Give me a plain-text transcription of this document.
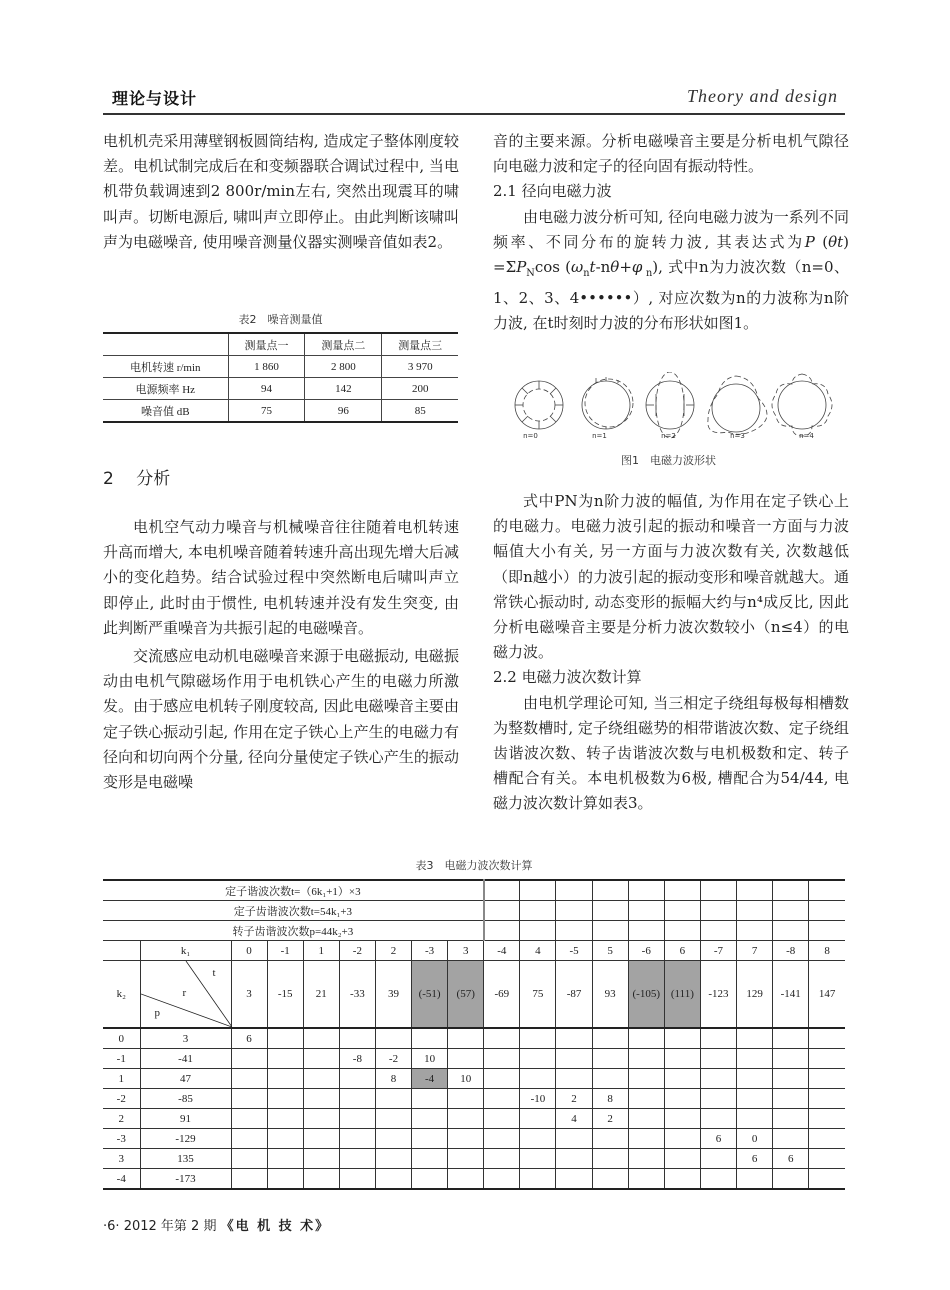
理论与设计	Theory and design

电机机壳采用薄壁钢板圆筒结构, 造成定子整体刚度较差。电机试制完成后在和变频器联合调试过程中, 当电机带负载调速到2 800r/min左右, 突然出现震耳的啸叫声。切断电源后, 啸叫声立即停止。由此判断该啸叫声为电磁噪音, 使用噪音测量仪器实测噪音值如表2。

表2　噪音测量值
	测量点一	测量点二	测量点三
电机转速 r/min	1 860	2 800	3 970
电源频率 Hz	94	142	200
噪音值 dB	75	96	85
2　 分析

电机空气动力噪音与机械噪音往往随着电机转速升高而增大, 本电机噪音随着转速升高出现先增大后减小的变化趋势。结合试验过程中突然断电后啸叫声立即停止, 此时由于惯性, 电机转速并没有发生突变, 由此判断严重噪音为共振引起的电磁噪音。

交流感应电动机电磁噪音来源于电磁振动, 电磁振动由电机气隙磁场作用于电机铁心产生的电磁力所激发。由于感应电机转子刚度较高, 因此电磁噪音主要由定子铁心振动引起, 作用在定子铁心上产生的电磁力有径向和切向两个分量, 径向分量使定子铁心产生的振动变形是电磁噪

音的主要来源。分析电磁噪音主要是分析电机气隙径向电磁力波和定子的径向固有振动特性。

2.1 径向电磁力波

由电磁力波分析可知, 径向电磁力波为一系列不同频率、不同分布的旋转力波, 其表达式为P $(\theta t) =\Sigma P_N\cos$ ($\omega_nt-n\theta+\varphi$ $_n$), 式中n为力波次数（n=0、1、2、3、4••••••）, 对应次数为n的力波称为n阶力波, 在t时刻时力波的分布形状如图1。

n=0	n=1	n=2	n=3	n=4
图1　电磁力波形状

式中PN为n阶力波的幅值, 为作用在定子铁心上的电磁力。电磁力波引起的振动和噪音一方面与力波幅值大小有关, 另一方面与力波次数有关, 次数越低（即n越小）的力波引起的振动变形和噪音就越大。通常铁心振动时, 动态变形的振幅大约与n⁴成反比, 因此分析电磁噪音主要是分析力波次数较小（n≤4）的电磁力波。

2.2 电磁力波次数计算

由电机学理论可知, 当三相定子绕组每极每相槽数为整数槽时, 定子绕组磁势的相带谐波次数、定子绕组齿谐波次数、转子齿谐波次数与电机极数和定、转子槽配合有关。本电机极数为6极, 槽配合为54/44, 电磁力波次数计算如表3。

表3　电磁力波次数计算
定子谐波次数t=（6k₁+1）×3																		
定子齿谐波次数t=54k₁+3																		
转子齿谐波次数p=44k₂+3																		
	k₁	0	-1	1	-2	2	-3	3	-4	4	-5	5	-6	6	-7	7	-8	8
k₂	t
r
p	3	-15	21	-33	39	(-51)	(57)	-69	75	-87	93	(-105)	(111)	-123	129	-141	147
0	3	6																
-1	-41				-8	-2	10											
1	47					8	-4	10										
-2	-85									-10	2	8						
2	91										4	2						
-3	-129														6	0		
3	135															6	6	
-4	-173																	
·6· 2012 年第 2 期 《电 机 技 术》
